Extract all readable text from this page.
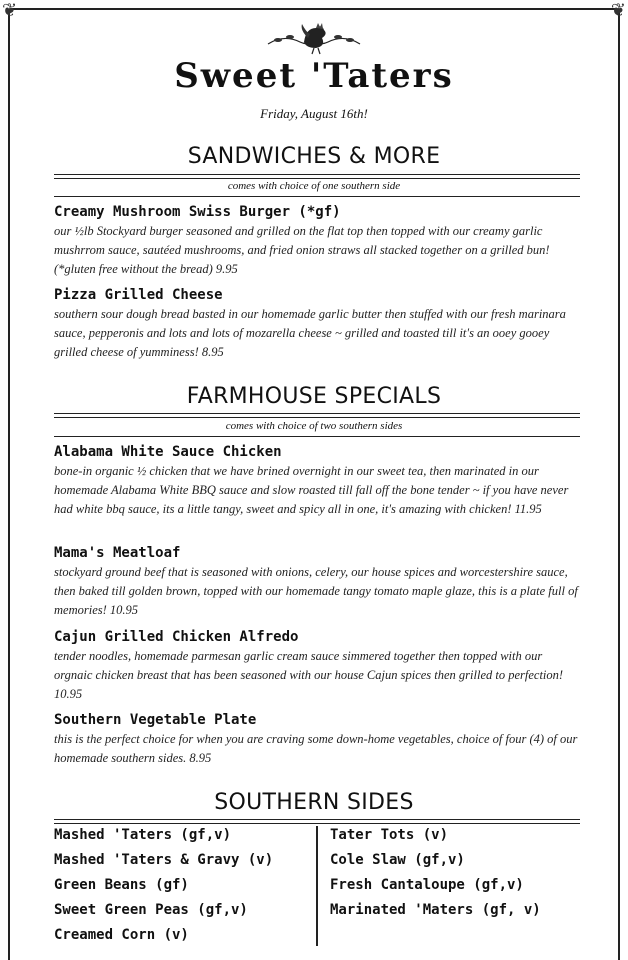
❦	❦
Sweet 'Taters
Friday, August 16th!
SANDWICHES & MORE
comes with choice of one southern side
Creamy Mushroom Swiss Burger (*gf)
our ½lb Stockyard burger seasoned and grilled on the flat top then topped with our creamy garlic mushrrom sauce, sautéed mushrooms, and fried onion straws all stacked together on a grilled bun! (*gluten free without the bread) 9.95
Pizza Grilled Cheese
southern sour dough bread basted in our homemade garlic butter then stuffed with our fresh marinara sauce, pepperonis and lots and lots of mozarella cheese ~ grilled and toasted till it's an ooey gooey grilled cheese of yumminess! 8.95
FARMHOUSE SPECIALS
comes with choice of two southern sides
Alabama White Sauce Chicken
bone-in organic ½ chicken that we have brined overnight in our sweet tea, then marinated in our homemade Alabama White BBQ sauce and slow roasted till fall off the bone tender ~ if you have never had white bbq sauce, its a little tangy, sweet and spicy all in one, it's amazing with chicken! 11.95
Mama's Meatloaf
stockyard ground beef that is seasoned with onions, celery, our house spices and worcestershire sauce, then baked till golden brown, topped with our homemade tangy tomato maple glaze, this is a plate full of memories! 10.95
Cajun Grilled Chicken Alfredo
tender noodles, homemade parmesan garlic cream sauce simmered together then topped with our orgnaic chicken breast that has been seasoned with our house Cajun spices then grilled to perfection! 10.95
Southern Vegetable Plate
this is the perfect choice for when you are craving some down-home vegetables, choice of four (4) of our homemade southern sides. 8.95
SOUTHERN SIDES
Mashed 'Taters (gf,v)
Mashed 'Taters & Gravy (v)
Green Beans (gf)
Sweet Green Peas (gf,v)
Creamed Corn (v)
Tater Tots (v)
Cole Slaw (gf,v)
Fresh Cantaloupe (gf,v)
Marinated 'Maters (gf, v)
